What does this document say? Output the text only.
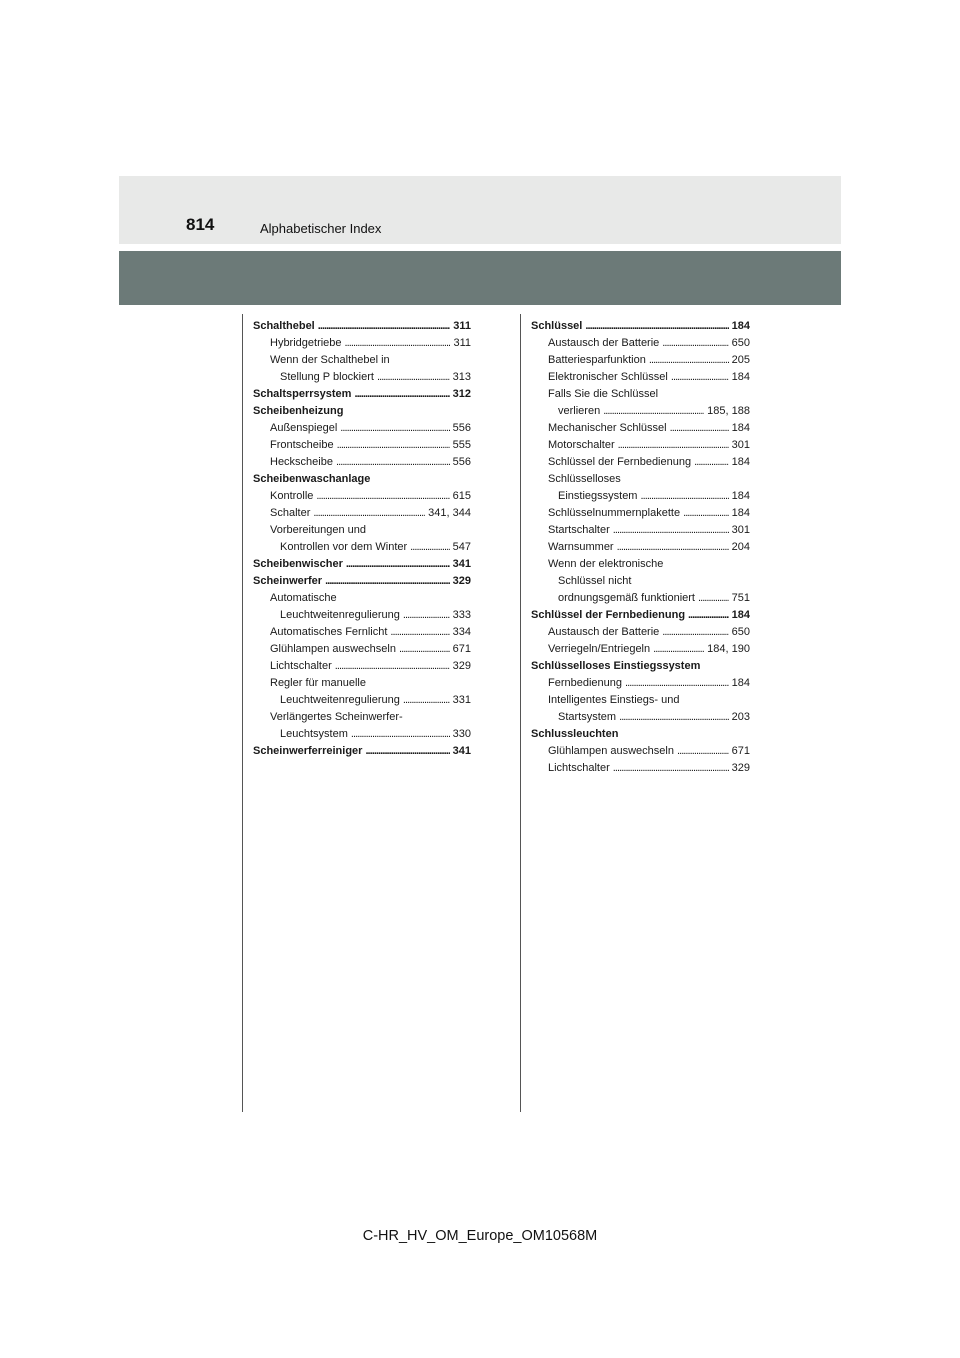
814	Alphabetischer Index
Schalthebel . . .	311
Hybridgetriebe . . .	311
Wenn der Schalthebel in
Stellung P blockiert . . .	313
Schaltsperrsystem . . .	312
Scheibenheizung
Außenspiegel . . .	556
Frontscheibe . . .	555
Heckscheibe . . .	556
Scheibenwaschanlage
Kontrolle . . .	615
Schalter . . .	341, 344
Vorbereitungen und
Kontrollen vor dem Winter . . .	547
Scheibenwischer . . .	341
Scheinwerfer . . .	329
Automatische
Leuchtweitenregulierung . . .	333
Automatisches Fernlicht . . .	334
Glühlampen auswechseln . . .	671
Lichtschalter . . .	329
Regler für manuelle
Leuchtweitenregulierung . . .	331
Verlängertes Scheinwerfer-
Leuchtsystem . . .	330
Scheinwerferreiniger . . .	341
Schlüssel . . .	184
Austausch der Batterie . . .	650
Batteriesparfunktion . . .	205
Elektronischer Schlüssel . . .	184
Falls Sie die Schlüssel
verlieren . . .	185, 188
Mechanischer Schlüssel . . .	184
Motorschalter . . .	301
Schlüssel der Fernbedienung . . .	184
Schlüsselloses
Einstiegssystem . . .	184
Schlüsselnummernplakette . . .	184
Startschalter . . .	301
Warnsummer . . .	204
Wenn der elektronische
Schlüssel nicht
ordnungsgemäß funktioniert . . .	751
Schlüssel der Fernbedienung . . .	184
Austausch der Batterie . . .	650
Verriegeln/Entriegeln . . .	184, 190
Schlüsselloses Einstiegssystem
Fernbedienung . . .	184
Intelligentes Einstiegs- und
Startsystem . . .	203
Schlussleuchten
Glühlampen auswechseln . . .	671
Lichtschalter . . .	329
C-HR_HV_OM_Europe_OM10568M
